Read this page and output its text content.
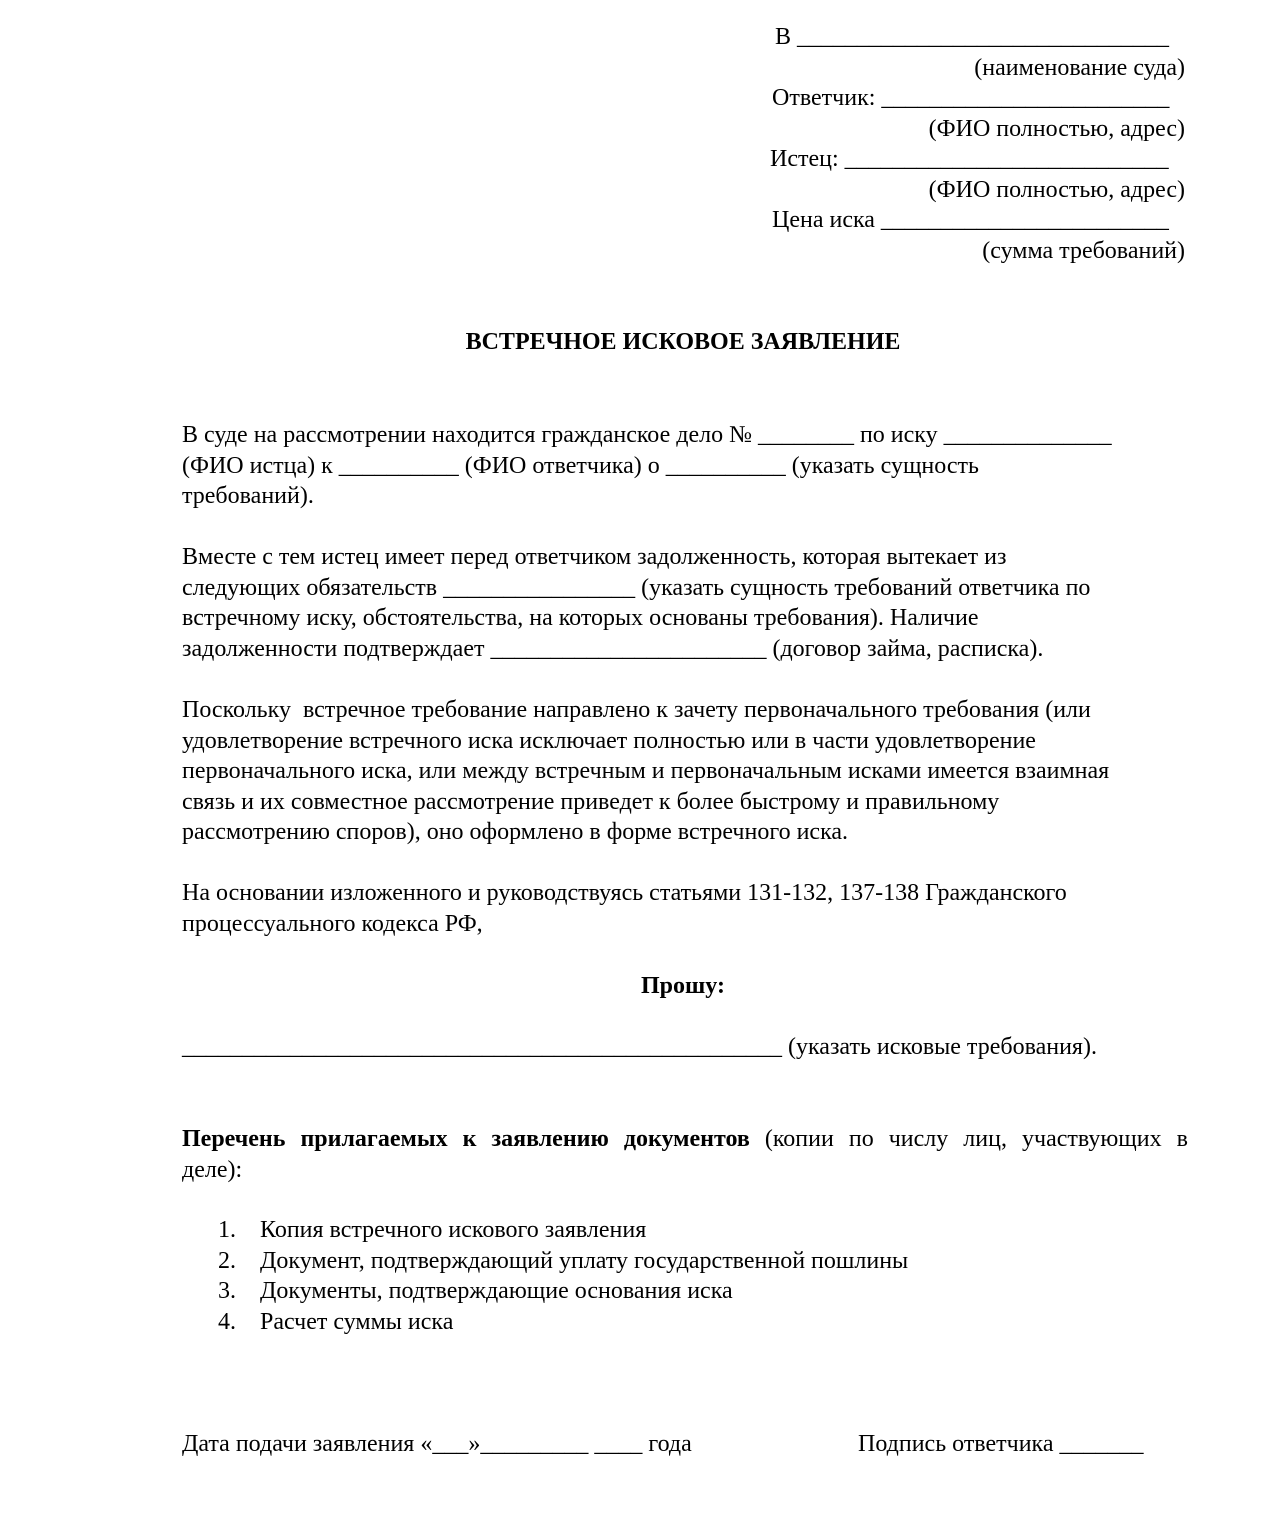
В _______________________________
(наименование суда)
Ответчик: ________________________
(ФИО полностью, адрес)
Истец: ___________________________
(ФИО полностью, адрес)
Цена иска ________________________
(сумма требований)
ВСТРЕЧНОЕ ИСКОВОЕ ЗАЯВЛЕНИЕ
В суде на рассмотрении находится гражданское дело № ________ по иску ______________
(ФИО истца) к __________ (ФИО ответчика) о __________ (указать сущность
требований).
Вместе с тем истец имеет перед ответчиком задолженность, которая вытекает из
следующих обязательств ________________ (указать сущность требований ответчика по
встречному иску, обстоятельства, на которых основаны требования). Наличие
задолженности подтверждает _______________________ (договор займа, расписка).
Поскольку  встречное требование направлено к зачету первоначального требования (или
удовлетворение встречного иска исключает полностью или в части удовлетворение
первоначального иска, или между встречным и первоначальным исками имеется взаимная
связь и их совместное рассмотрение приведет к более быстрому и правильному
рассмотрению споров), оно оформлено в форме встречного иска.
На основании изложенного и руководствуясь статьями 131-132, 137-138 Гражданского
процессуального кодекса РФ,
Прошу:
__________________________________________________ (указать исковые требования).
Перечень прилагаемых к заявлению документов (копии по числу лиц, участвующих в
деле):
1. Копия встречного искового заявления
2. Документ, подтверждающий уплату государственной пошлины
3. Документы, подтверждающие основания иска
4. Расчет суммы иска
Дата подачи заявления «___»_________ ____ года	Подпись ответчика _______
